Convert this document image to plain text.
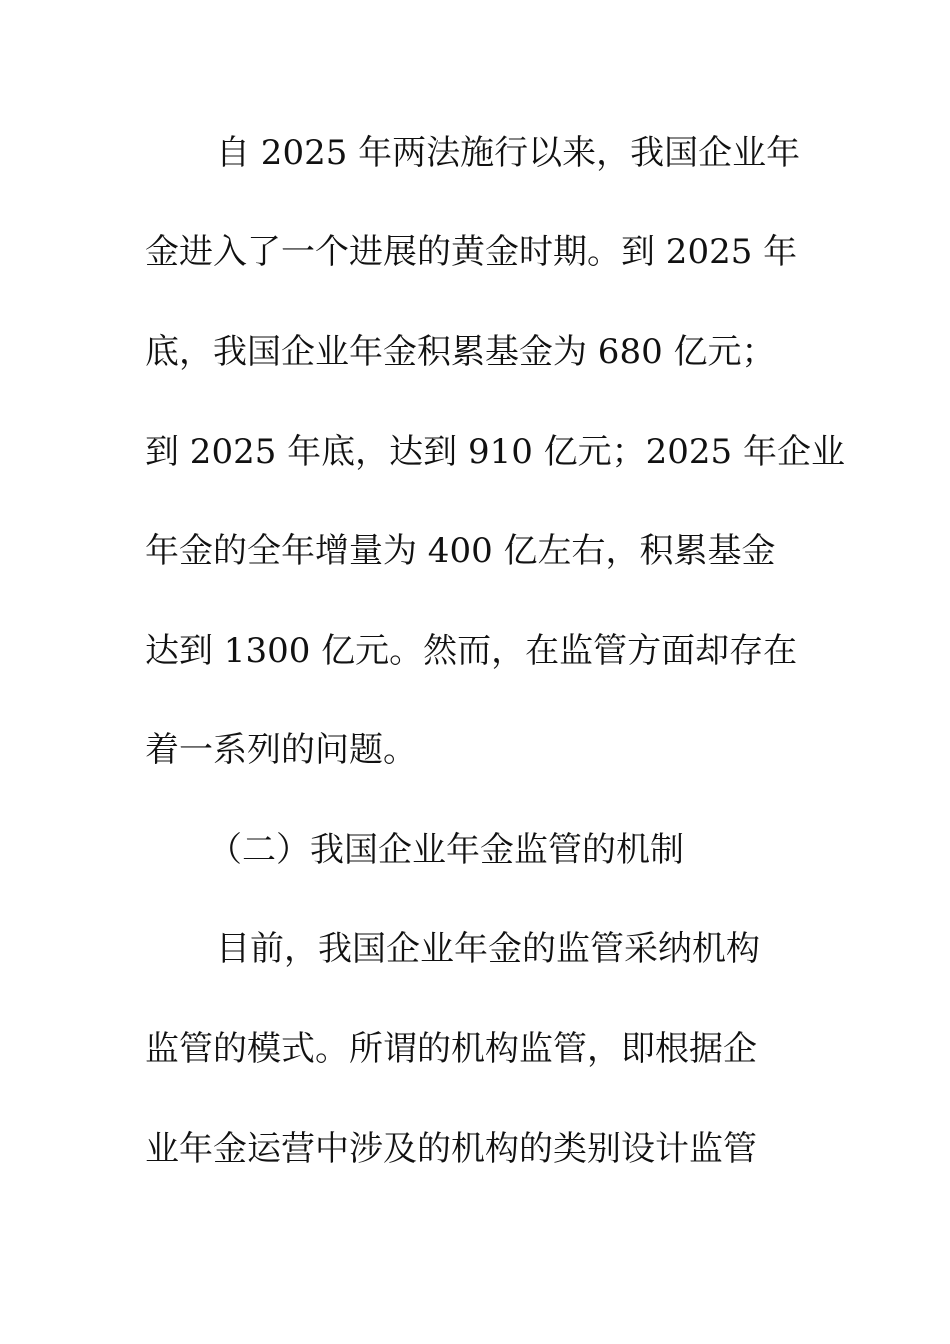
自 2025 年两法施行以来，我国企业年
金进入了一个进展的黄金时期。到 2025 年
底，我国企业年金积累基金为 680 亿元；
到 2025 年底，达到 910 亿元；2025 年企业
年金的全年增量为 400 亿左右，积累基金
达到 1300 亿元。然而，在监管方面却存在
着一系列的问题。
（二）我国企业年金监管的机制
目前，我国企业年金的监管采纳机构
监管的模式。所谓的机构监管，即根据企
业年金运营中涉及的机构的类别设计监管
